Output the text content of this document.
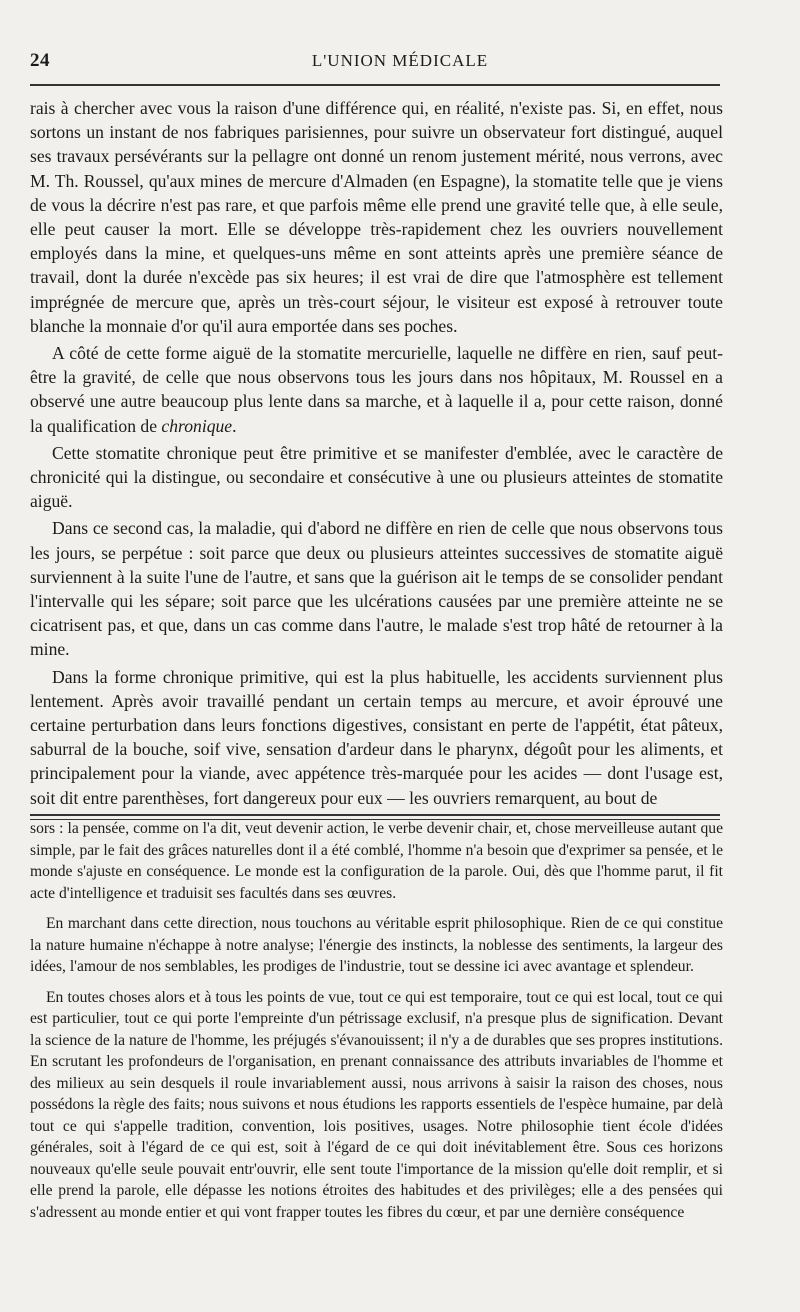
24	L'UNION MÉDICALE

rais à chercher avec vous la raison d'une différence qui, en réalité, n'existe pas. Si, en effet, nous sortons un instant de nos fabriques parisiennes, pour suivre un observateur fort distingué, auquel ses travaux persévérants sur la pellagre ont donné un renom justement mérité, nous verrons, avec M. Th. Roussel, qu'aux mines de mercure d'Almaden (en Espagne), la stomatite telle que je viens de vous la décrire n'est pas rare, et que parfois même elle prend une gravité telle que, à elle seule, elle peut causer la mort. Elle se développe très-rapidement chez les ouvriers nouvellement employés dans la mine, et quelques-uns même en sont atteints après une première séance de travail, dont la durée n'excède pas six heures; il est vrai de dire que l'atmosphère est tellement imprégnée de mercure que, après un très-court séjour, le visiteur est exposé à retrouver toute blanche la monnaie d'or qu'il aura emportée dans ses poches.

A côté de cette forme aiguë de la stomatite mercurielle, laquelle ne diffère en rien, sauf peut-être la gravité, de celle que nous observons tous les jours dans nos hôpitaux, M. Roussel en a observé une autre beaucoup plus lente dans sa marche, et à laquelle il a, pour cette raison, donné la qualification de chronique.

Cette stomatite chronique peut être primitive et se manifester d'emblée, avec le caractère de chronicité qui la distingue, ou secondaire et consécutive à une ou plusieurs atteintes de stomatite aiguë.

Dans ce second cas, la maladie, qui d'abord ne diffère en rien de celle que nous observons tous les jours, se perpétue : soit parce que deux ou plusieurs atteintes successives de stomatite aiguë surviennent à la suite l'une de l'autre, et sans que la guérison ait le temps de se consolider pendant l'intervalle qui les sépare; soit parce que les ulcérations causées par une première atteinte ne se cicatrisent pas, et que, dans un cas comme dans l'autre, le malade s'est trop hâté de retourner à la mine.

Dans la forme chronique primitive, qui est la plus habituelle, les accidents surviennent plus lentement. Après avoir travaillé pendant un certain temps au mercure, et avoir éprouvé une certaine perturbation dans leurs fonctions digestives, consistant en perte de l'appétit, état pâteux, saburral de la bouche, soif vive, sensation d'ardeur dans le pharynx, dégoût pour les aliments, et principalement pour la viande, avec appétence très-marquée pour les acides — dont l'usage est, soit dit entre parenthèses, fort dangereux pour eux — les ouvriers remarquent, au bout de

sors : la pensée, comme on l'a dit, veut devenir action, le verbe devenir chair, et, chose merveilleuse autant que simple, par le fait des grâces naturelles dont il a été comblé, l'homme n'a besoin que d'exprimer sa pensée, et le monde s'ajuste en conséquence. Le monde est la configuration de la parole. Oui, dès que l'homme parut, il fit acte d'intelligence et traduisit ses facultés dans ses œuvres.

En marchant dans cette direction, nous touchons au véritable esprit philosophique. Rien de ce qui constitue la nature humaine n'échappe à notre analyse; l'énergie des instincts, la noblesse des sentiments, la largeur des idées, l'amour de nos semblables, les prodiges de l'industrie, tout se dessine ici avec avantage et splendeur.

En toutes choses alors et à tous les points de vue, tout ce qui est temporaire, tout ce qui est local, tout ce qui est particulier, tout ce qui porte l'empreinte d'un pétrissage exclusif, n'a presque plus de signification. Devant la science de la nature de l'homme, les préjugés s'évanouissent; il n'y a de durables que ses propres institutions. En scrutant les profondeurs de l'organisation, en prenant connaissance des attributs invariables de l'homme et des milieux au sein desquels il roule invariablement aussi, nous arrivons à saisir la raison des choses, nous possédons la règle des faits; nous suivons et nous étudions les rapports essentiels de l'espèce humaine, par delà tout ce qui s'appelle tradition, convention, lois positives, usages. Notre philosophie tient école d'idées générales, soit à l'égard de ce qui est, soit à l'égard de ce qui doit inévitablement être. Sous ces horizons nouveaux qu'elle seule pouvait entr'ouvrir, elle sent toute l'importance de la mission qu'elle doit remplir, et si elle prend la parole, elle dépasse les notions étroites des habitudes et des privilèges; elle a des pensées qui s'adressent au monde entier et qui vont frapper toutes les fibres du cœur, et par une dernière conséquence
